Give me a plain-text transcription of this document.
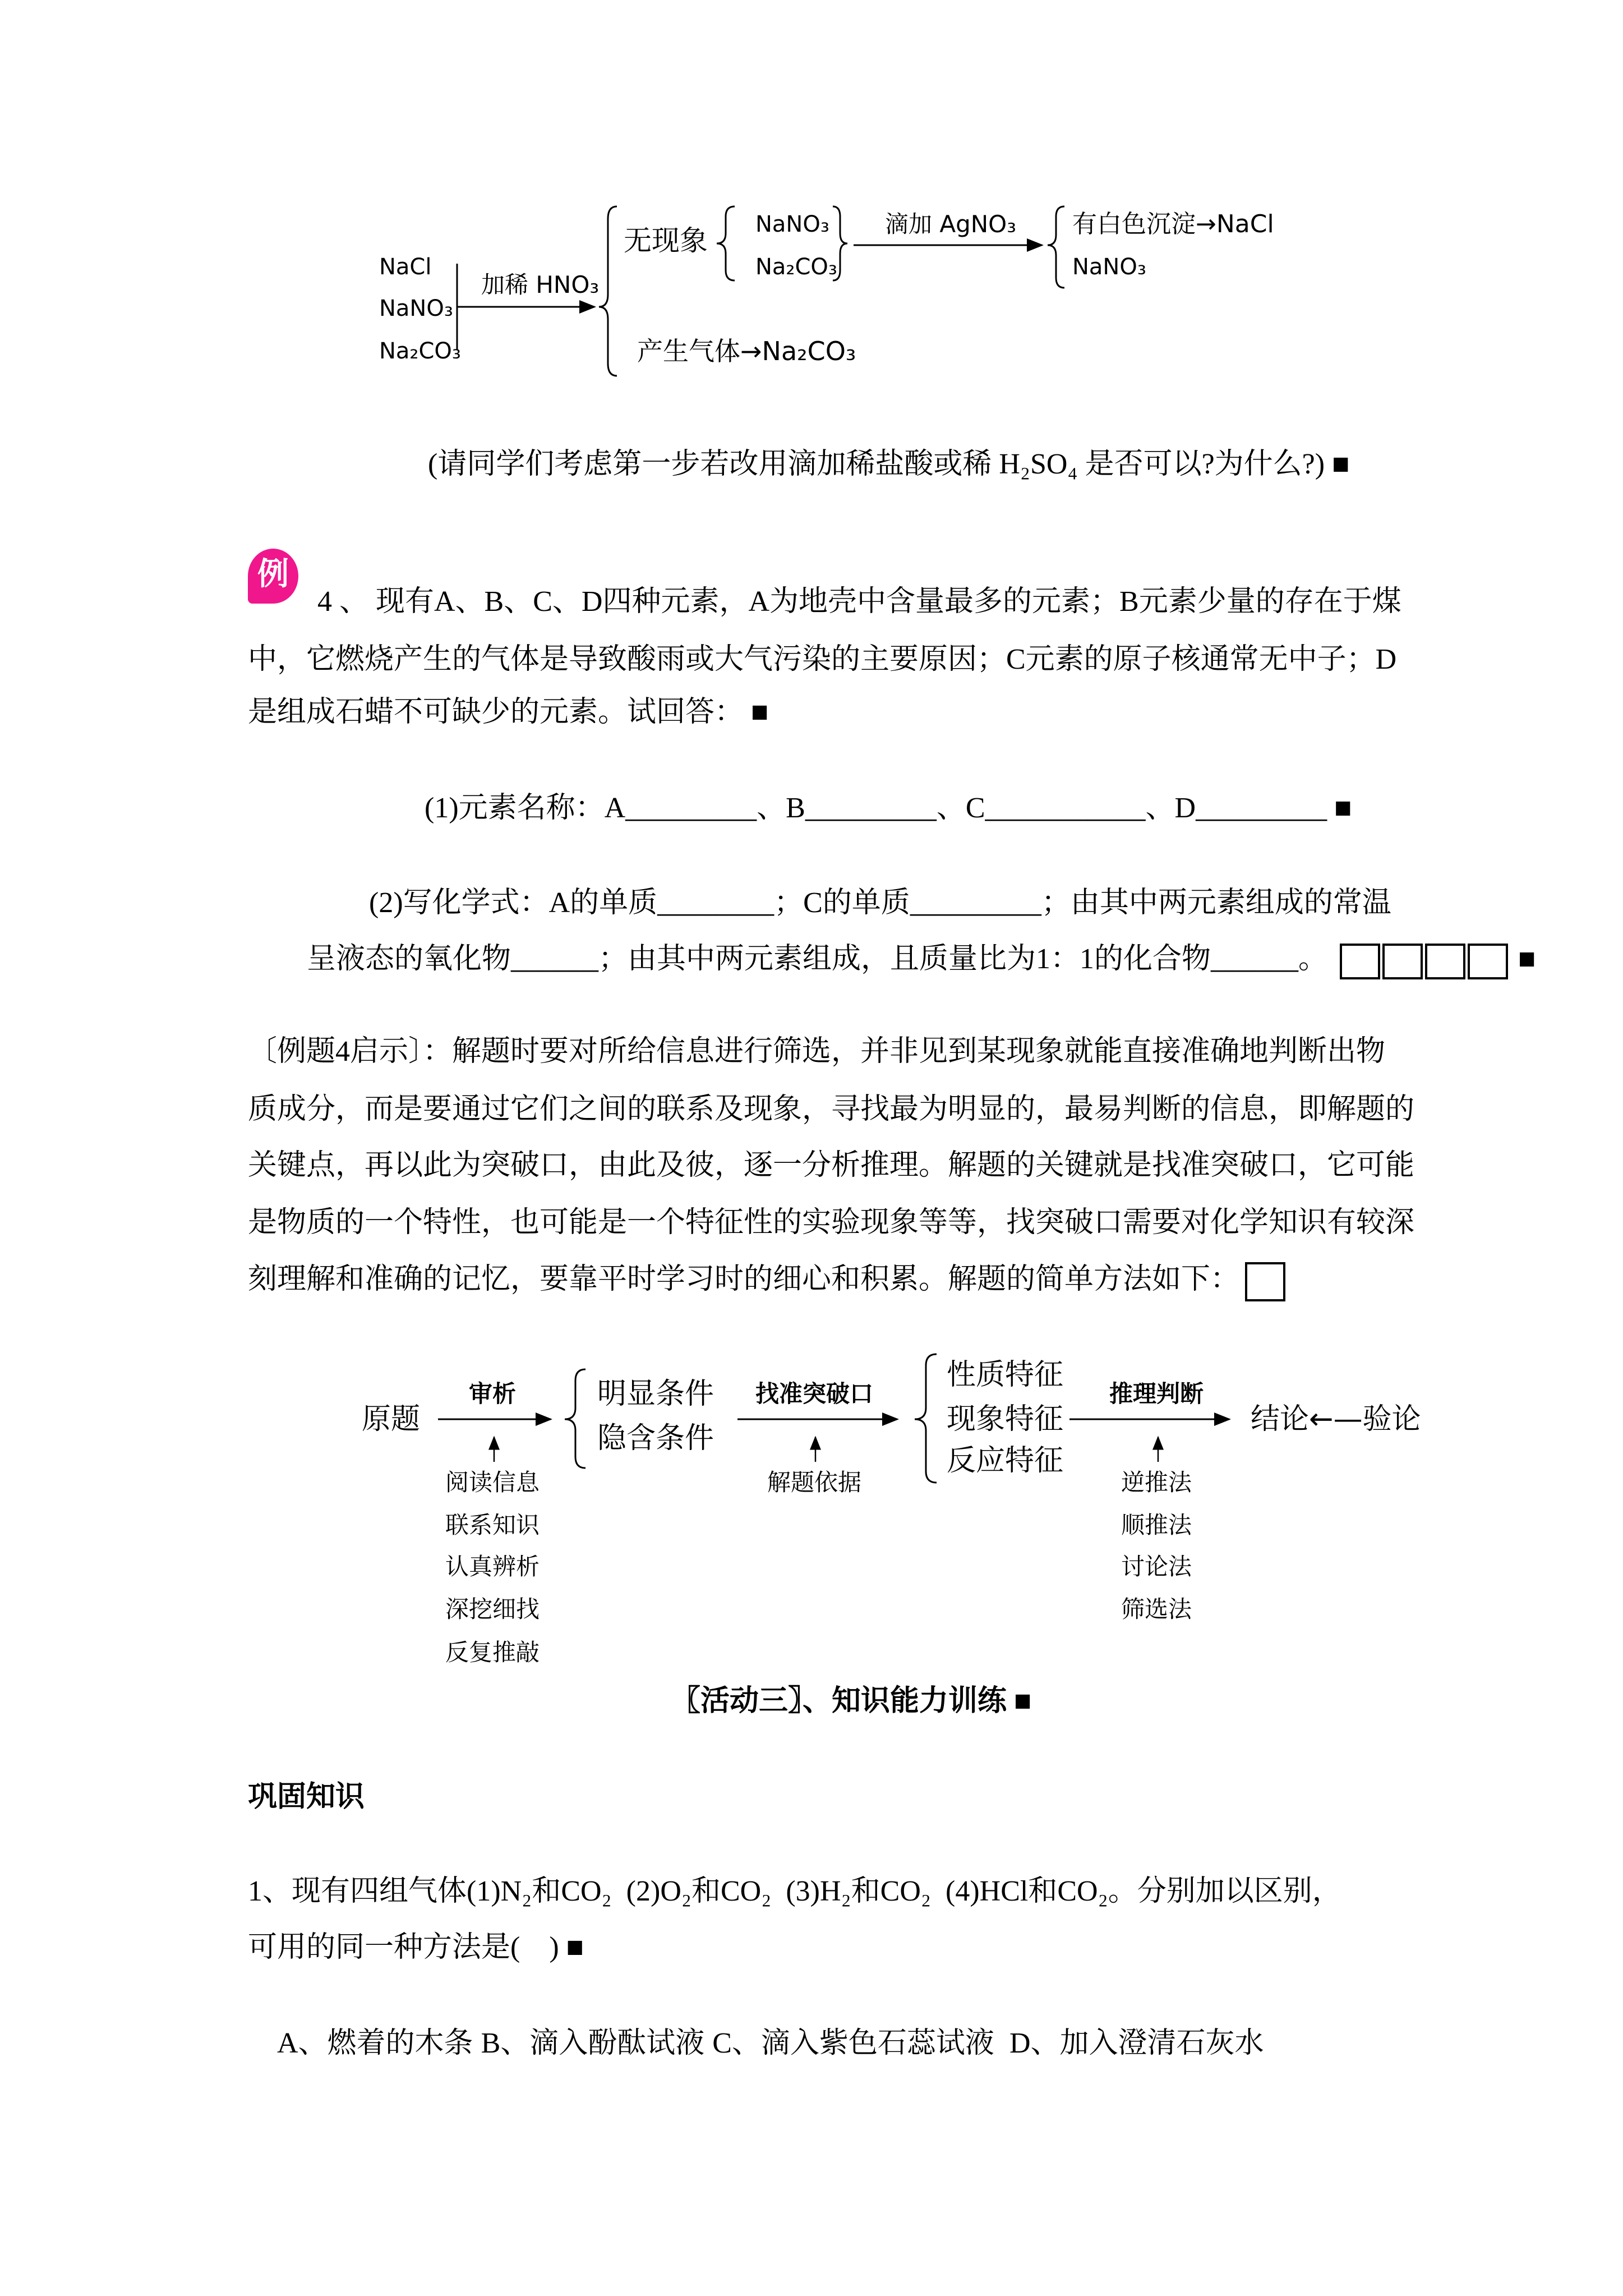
NaCl
NaNO₃
Na₂CO₃
加稀 HNO₃
无现象 NaNO₃
Na₂CO₃
滴加 AgNO₃ 有白色沉淀→NaCl
NaNO₃
产生气体→Na₂CO₃
(请同学们考虑第一步若改用滴加稀盐酸或稀 H₂SO₄ 是否可以?为什么?) ■
例
4 、 现有A、B、C、D四种元素，A为地壳中含量最多的元素；B元素少量的存在于煤
中，它燃烧产生的气体是导致酸雨或大气污染的主要原因；C元素的原子核通常无中子；D
是组成石蜡不可缺少的元素。试回答： ■
(1)元素名称：A_________、B_________、C___________、D_________ ■
(2)写化学式：A的单质________；C的单质_________；由其中两元素组成的常温
呈液态的氧化物______；由其中两元素组成，且质量比为1：1的化合物______。	■
〔例题4启示〕：解题时要对所给信息进行筛选，并非见到某现象就能直接准确地判断出物
质成分，而是要通过它们之间的联系及现象，寻找最为明显的，最易判断的信息，即解题的
关键点，再以此为突破口，由此及彼，逐一分析推理。解题的关键就是找准突破口，它可能
是物质的一个特性，也可能是一个特征性的实验现象等等，找突破口需要对化学知识有较深
刻理解和准确的记忆，要靠平时学习时的细心和积累。解题的简单方法如下：
原题
审析
阅读信息
联系知识
认真辨析
深挖细找
反复推敲
明显条件
隐含条件
找准突破口
解题依据
性质特征
现象特征
反应特征
推理判断
逆推法
顺推法
讨论法
筛选法
结论←—验论
〖活动三〗、知识能力训练 ■
巩固知识
1、现有四组气体(1)N₂和CO₂  (2)O₂和CO₂  (3)H₂和CO₂  (4)HCl和CO₂。分别加以区别，
可用的同一种方法是(    ) ■
A、燃着的木条 B、滴入酚酞试液 C、滴入紫色石蕊试液 D、加入澄清石灰水
